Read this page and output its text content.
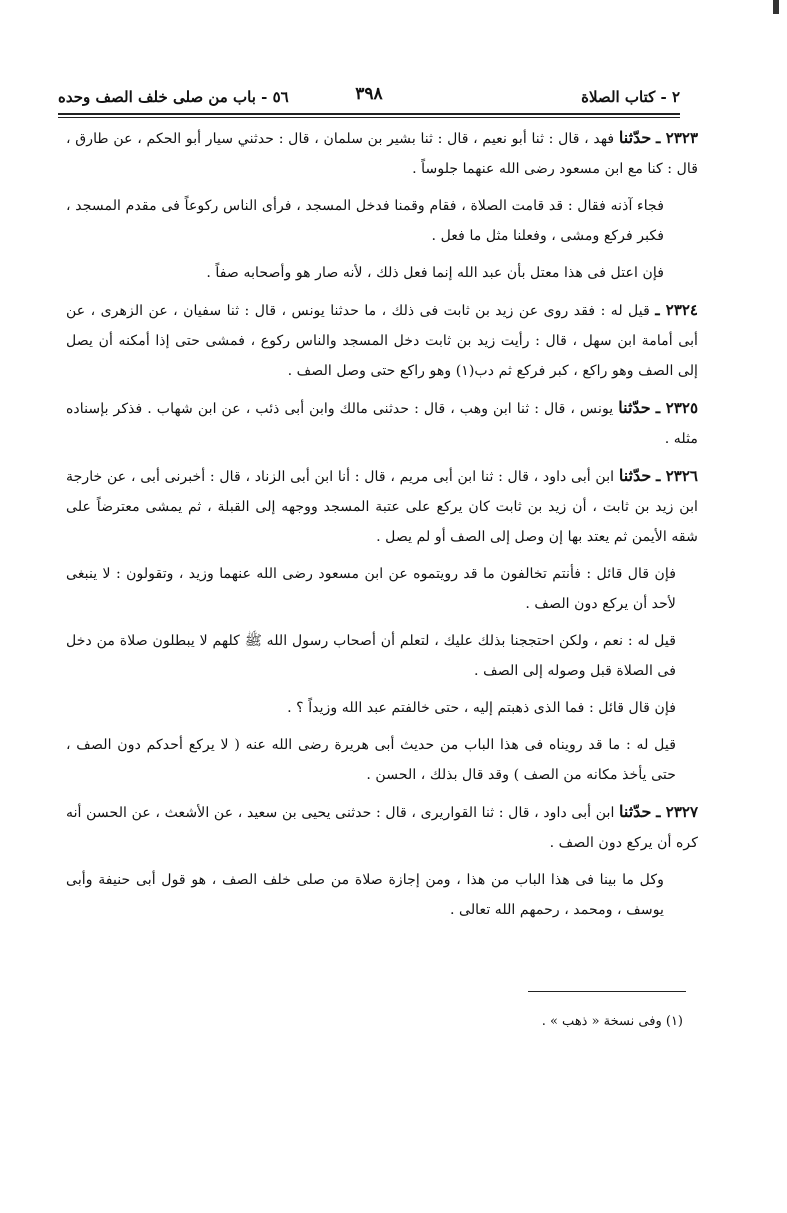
٢ - كتاب الصلاة
٣٩٨
٥٦ - باب من صلى خلف الصف وحده

٢٣٢٣ ـ حدّثنا فهد ، قال : ثنا أبو نعيم ، قال : ثنا بشير بن سلمان ، قال : حدثني سيار أبو الحكم ، عن طارق ، قال : كنا مع ابن مسعود رضى الله عنهما جلوساً .

فجاء آذنه فقال : قد قامت الصلاة ، فقام وقمنا فدخل المسجد ، فرأى الناس ركوعاً فى مقدم المسجد ، فكبر فركع ومشى ، وفعلنا مثل ما فعل .

فإن اعتل فى هذا معتل بأن عبد الله إنما فعل ذلك ، لأنه صار هو وأصحابه صفاً .

٢٣٢٤ ـ قيل له : فقد روى عن زيد بن ثابت فى ذلك ، ما حدثنا يونس ، قال : ثنا سفيان ، عن الزهرى ، عن أبى أمامة ابن سهل ، قال : رأيت زيد بن ثابت دخل المسجد والناس ركوع ، فمشى حتى إذا أمكنه أن يصل إلى الصف وهو راكع ، كبر فركع ثم دب(١) وهو راكع حتى وصل الصف .

٢٣٢٥ ـ حدّثنا يونس ، قال : ثنا ابن وهب ، قال : حدثنى مالك وابن أبى ذئب ، عن ابن شهاب . فذكر بإسناده مثله .

٢٣٢٦ ـ حدّثنا ابن أبى داود ، قال : ثنا ابن أبى مريم ، قال : أنا ابن أبى الزناد ، قال : أخبرنى أبى ، عن خارجة ابن زيد بن ثابت ، أن زيد بن ثابت كان يركع على عتبة المسجد ووجهه إلى القبلة ، ثم يمشى معترضاً على شقه الأيمن ثم يعتد بها إن وصل إلى الصف أو لم يصل .

فإن قال قائل : فأنتم تخالفون ما قد رويتموه عن ابن مسعود رضى الله عنهما وزيد ، وتقولون : لا ينبغى لأحد أن يركع دون الصف .

قيل له : نعم ، ولكن احتججنا بذلك عليك ، لتعلم أن أصحاب رسول الله ﷺ كلهم لا يبطلون صلاة من دخل فى الصلاة قبل وصوله إلى الصف .

فإن قال قائل : فما الذى ذهبتم إليه ، حتى خالفتم عبد الله وزيداً ؟ .

قيل له : ما قد رويناه فى هذا الباب من حديث أبى هريرة رضى الله عنه ( لا يركع أحدكم دون الصف ، حتى يأخذ مكانه من الصف ) وقد قال بذلك ، الحسن .

٢٣٢٧ ـ حدّثنا ابن أبى داود ، قال : ثنا القواريرى ، قال : حدثنى يحيى بن سعيد ، عن الأشعث ، عن الحسن أنه كره أن يركع دون الصف .

وكل ما بينا فى هذا الباب من هذا ، ومن إجازة صلاة من صلى خلف الصف ، هو قول أبى حنيفة وأبى يوسف ، ومحمد ، رحمهم الله تعالى .

(١) وفى نسخة « ذهب » .
